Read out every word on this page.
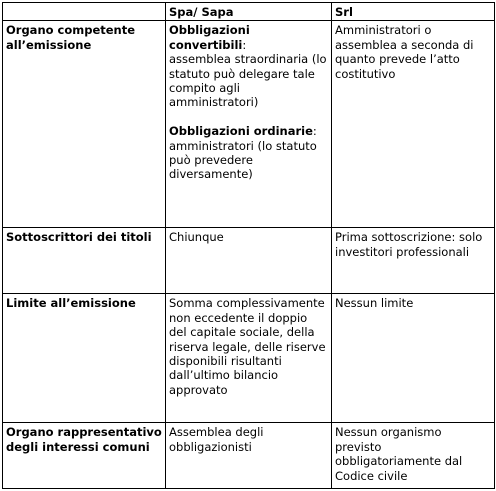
	Spa/ Sapa	Srl
Organo competente all’emissione	Obbligazioni convertibili:
assemblea straordinaria (lo statuto può delegare tale compito agli amministratori)
Obbligazioni ordinarie:
amministratori (lo statuto può prevedere diversamente)	Amministratori o assemblea a seconda di quanto prevede l’atto costitutivo
Sottoscrittori dei titoli	Chiunque	Prima sottoscrizione: solo investitori professionali
Limite all’emissione	Somma complessivamente non eccedente il doppio del capitale sociale, della riserva legale, delle riserve disponibili risultanti dall’ultimo bilancio approvato	Nessun limite
Organo rappresentativo degli interessi comuni	Assemblea degli obbligazionisti	Nessun organismo previsto obbligatoriamente dal Codice civile
